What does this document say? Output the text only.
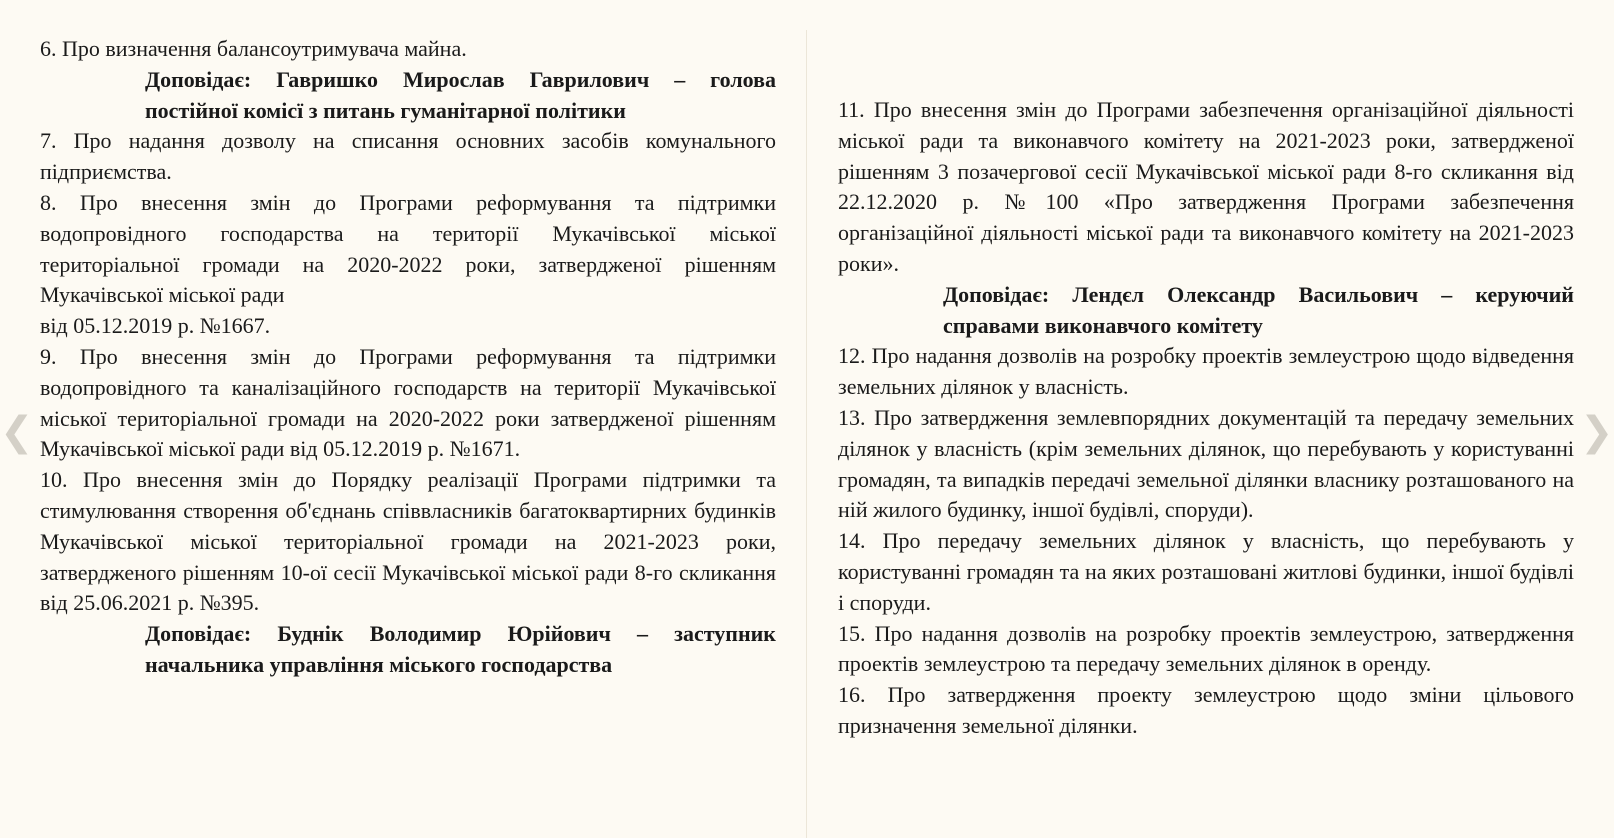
6. Про визначення балансоутримувача майна.

Доповідає: Гавришко Мирослав Гаврилович – голова постійної комісї з питань гуманітарної політики

7. Про надання дозволу на списання основних засобів комунального підприємства.

8. Про внесення змін до Програми реформування та підтримки водопровідного господарства на території Мукачівської міської територіальної громади на 2020-2022 роки, затвердженої рішенням Мукачівської міської ради

від 05.12.2019 р. №1667.

9. Про внесення змін до Програми реформування та підтримки водопровідного та каналізаційного господарств на території Мукачівської міської територіальної громади на 2020-2022 роки затвердженої рішенням Мукачівської міської ради від 05.12.2019 р. №1671.

10. Про внесення змін до Порядку реалізації Програми підтримки та стимулювання створення об'єднань співвласників багатоквартирних будинків Мукачівської міської територіальної громади на 2021-2023 роки, затвердженого рішенням 10-ої сесії Мукачівської міської ради 8-го скликання від 25.06.2021 р. №395.

Доповідає: Буднік Володимир Юрійович – заступник начальника управління міського господарства

11. Про внесення змін до Програми забезпечення організаційної діяльності міської ради та виконавчого комітету на 2021-2023 роки, затвердженої рішенням 3 позачергової сесії Мукачівської міської ради 8-го скликання від 22.12.2020 р. №100 «Про затвердження Програми забезпечення організаційної діяльності міської ради та виконавчого комітету на 2021-2023 роки».

Доповідає: Лендєл Олександр Васильович – керуючий справами виконавчого комітету

12. Про надання дозволів на розробку проектів землеустрою щодо відведення земельних ділянок у власність.

13. Про затвердження землевпорядних документацій та передачу земельних ділянок у власність (крім земельних ділянок, що перебувають у користуванні громадян, та випадків передачі земельної ділянки власнику розташованого на ній жилого будинку, іншої будівлі, споруди).

14. Про передачу земельних ділянок у власність, що перебувають у користуванні громадян та на яких розташовані житлові будинки, іншої будівлі і споруди.

15. Про надання дозволів на розробку проектів землеустрою, затвердження проектів землеустрою та передачу земельних ділянок в оренду.

16. Про затвердження проекту землеустрою щодо зміни цільового призначення земельної ділянки.

❮	❯
